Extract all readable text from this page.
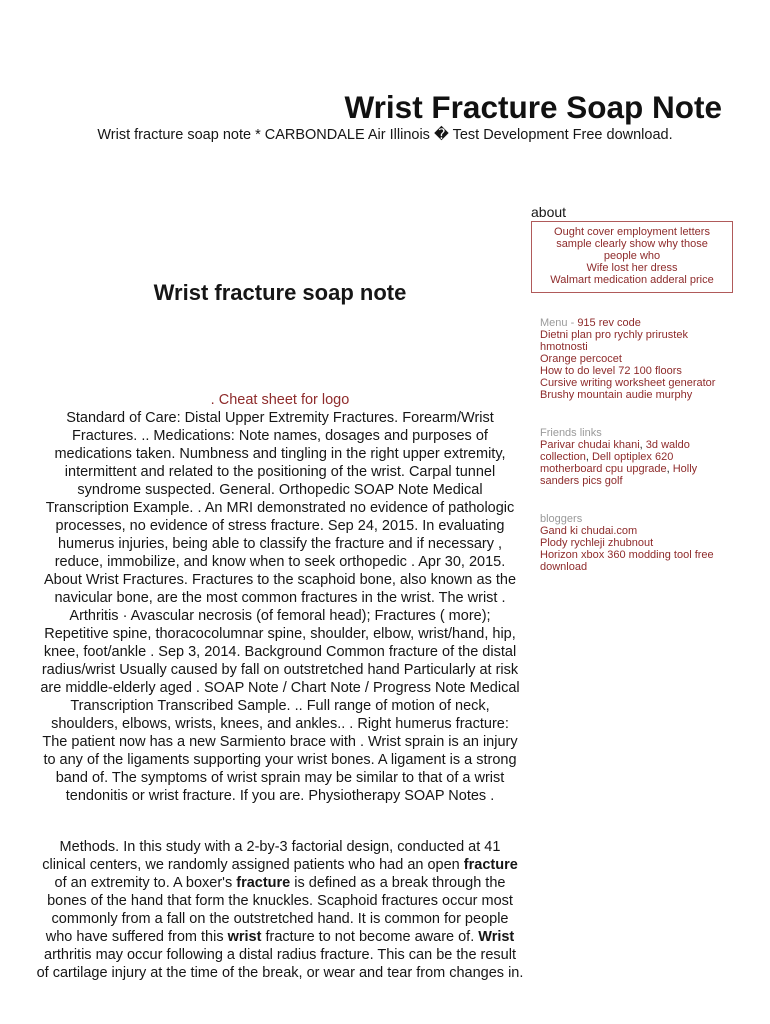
Wrist Fracture Soap Note

Wrist fracture soap note * CARBONDALE Air Illinois � Test Development Free download.

about
Ought cover employment letters sample clearly show why those people who
Wife lost her dress
Walmart medication adderal price
Wrist fracture soap note
. Cheat sheet for logo
Standard of Care: Distal Upper Extremity Fractures. Forearm/Wrist
Fractures. .. Medications: Note names, dosages and purposes of
medications taken. Numbness and tingling in the right upper extremity,
intermittent and related to the positioning of the wrist. Carpal tunnel
syndrome suspected. General. Orthopedic SOAP Note Medical
Transcription Example. . An MRI demonstrated no evidence of pathologic
processes, no evidence of stress fracture. Sep 24, 2015. In evaluating
humerus injuries, being able to classify the fracture and if necessary ,
reduce, immobilize, and know when to seek orthopedic . Apr 30, 2015.
About Wrist Fractures. Fractures to the scaphoid bone, also known as the
navicular bone, are the most common fractures in the wrist. The wrist .
Arthritis · Avascular necrosis (of femoral head); Fractures ( more);
Repetitive spine, thoracocolumnar spine, shoulder, elbow, wrist/hand, hip,
knee, foot/ankle . Sep 3, 2014. Background Common fracture of the distal
radius/wrist Usually caused by fall on outstretched hand Particularly at risk
are middle-elderly aged . SOAP Note / Chart Note / Progress Note Medical
Transcription Transcribed Sample. .. Full range of motion of neck,
shoulders, elbows, wrists, knees, and ankles.. . Right humerus fracture:
The patient now has a new Sarmiento brace with . Wrist sprain is an injury
to any of the ligaments supporting your wrist bones. A ligament is a strong
band of. The symptoms of wrist sprain may be similar to that of a wrist
tendonitis or wrist fracture. If you are. Physiotherapy SOAP Notes .
Methods. In this study with a 2-by-3 factorial design, conducted at 41
clinical centers, we randomly assigned patients who had an open fracture
of an extremity to. A boxer's fracture is defined as a break through the
bones of the hand that form the knuckles. Scaphoid fractures occur most
commonly from a fall on the outstretched hand. It is common for people
who have suffered from this wrist fracture to not become aware of. Wrist
arthritis may occur following a distal radius fracture. This can be the result
of cartilage injury at the time of the break, or wear and tear from changes in.
Menu - 915 rev code
Dietni plan pro rychly prirustek hmotnosti
Orange percocet
How to do level 72 100 floors
Cursive writing worksheet generator
Brushy mountain audie murphy
Friends links
Parivar chudai khani, 3d waldo collection, Dell optiplex 620 motherboard cpu upgrade, Holly sanders pics golf
bloggers
Gand ki chudai.com
Plody rychleji zhubnout
Horizon xbox 360 modding tool free download
